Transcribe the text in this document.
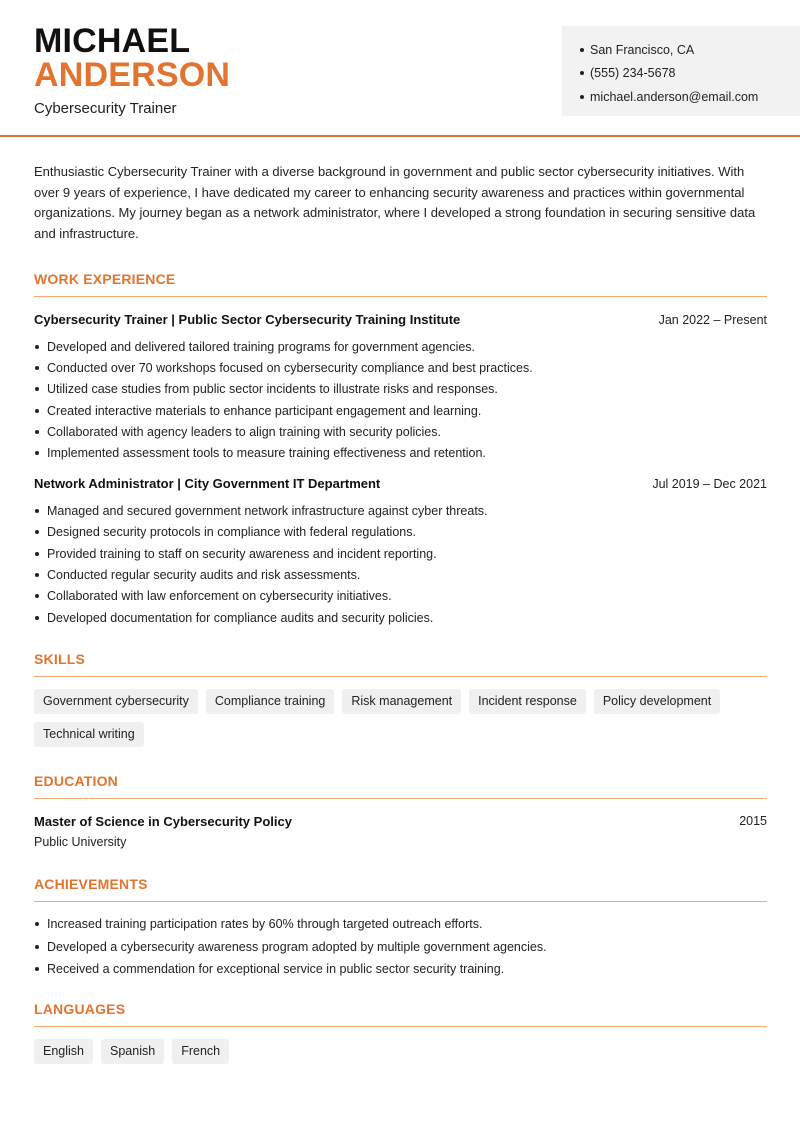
MICHAEL
ANDERSON
Cybersecurity Trainer
San Francisco, CA
(555) 234-5678
michael.anderson@email.com

Enthusiastic Cybersecurity Trainer with a diverse background in government and public sector cybersecurity initiatives. With over 9 years of experience, I have dedicated my career to enhancing security awareness and practices within governmental organizations. My journey began as a network administrator, where I developed a strong foundation in securing sensitive data and infrastructure.

WORK EXPERIENCE
Cybersecurity Trainer | Public Sector Cybersecurity Training Institute	Jan 2022 – Present
Developed and delivered tailored training programs for government agencies.
Conducted over 70 workshops focused on cybersecurity compliance and best practices.
Utilized case studies from public sector incidents to illustrate risks and responses.
Created interactive materials to enhance participant engagement and learning.
Collaborated with agency leaders to align training with security policies.
Implemented assessment tools to measure training effectiveness and retention.
Network Administrator | City Government IT Department	Jul 2019 – Dec 2021
Managed and secured government network infrastructure against cyber threats.
Designed security protocols in compliance with federal regulations.
Provided training to staff on security awareness and incident reporting.
Conducted regular security audits and risk assessments.
Collaborated with law enforcement on cybersecurity initiatives.
Developed documentation for compliance audits and security policies.
SKILLS
Government cybersecurity	Compliance training	Risk management	Incident response	Policy development
Technical writing
EDUCATION
Master of Science in Cybersecurity Policy	2015
Public University
ACHIEVEMENTS
Increased training participation rates by 60% through targeted outreach efforts.
Developed a cybersecurity awareness program adopted by multiple government agencies.
Received a commendation for exceptional service in public sector security training.
LANGUAGES
English	Spanish	French
